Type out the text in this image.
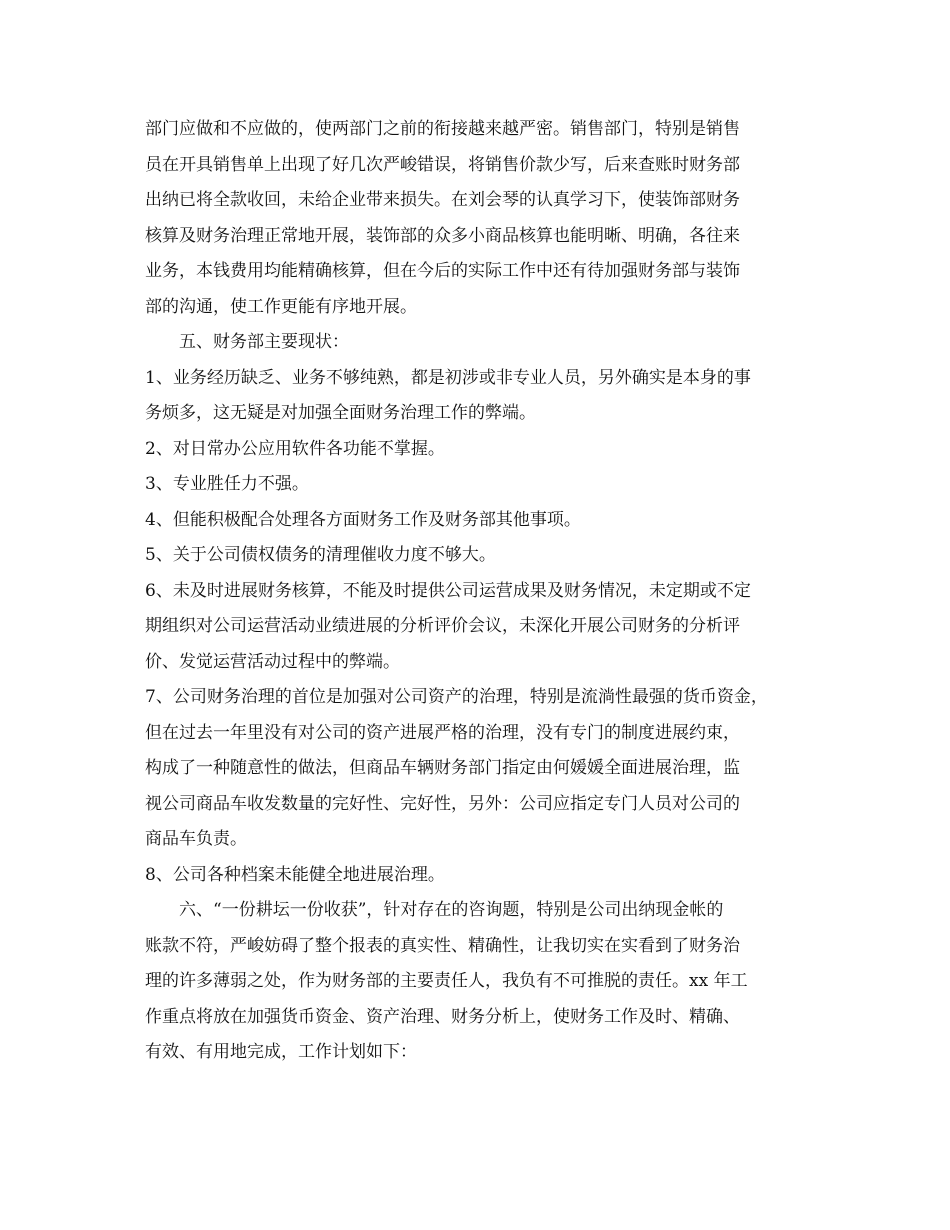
部门应做和不应做的，使两部门之前的衔接越来越严密。销售部门，特别是销售
员在开具销售单上出现了好几次严峻错误，将销售价款少写，后来查账时财务部
出纳已将全款收回，未给企业带来损失。在刘会琴的认真学习下，使装饰部财务
核算及财务治理正常地开展，装饰部的众多小商品核算也能明晰、明确，各往来
业务，本钱费用均能精确核算，但在今后的实际工作中还有待加强财务部与装饰
部的沟通，使工作更能有序地开展。
五、财务部主要现状：
1、业务经历缺乏、业务不够纯熟，都是初涉或非专业人员，另外确实是本身的事
务烦多，这无疑是对加强全面财务治理工作的弊端。
2、对日常办公应用软件各功能不掌握。
3、专业胜任力不强。
4、但能积极配合处理各方面财务工作及财务部其他事项。
5、关于公司债权债务的清理催收力度不够大。
6、未及时进展财务核算，不能及时提供公司运营成果及财务情况，未定期或不定
期组织对公司运营活动业绩进展的分析评价会议，未深化开展公司财务的分析评
价、发觉运营活动过程中的弊端。
7、公司财务治理的首位是加强对公司资产的治理，特别是流淌性最强的货币资金，
但在过去一年里没有对公司的资产进展严格的治理，没有专门的制度进展约束，
构成了一种随意性的做法，但商品车辆财务部门指定由何媛媛全面进展治理，监
视公司商品车收发数量的完好性、完好性，另外：公司应指定专门人员对公司的
商品车负责。
8、公司各种档案未能健全地进展治理。
六、“一份耕坛一份收获”，针对存在的咨询题，特别是公司出纳现金帐的
账款不符，严峻妨碍了整个报表的真实性、精确性，让我切实在实看到了财务治
理的许多薄弱之处，作为财务部的主要责任人，我负有不可推脱的责任。xx 年工
作重点将放在加强货币资金、资产治理、财务分析上，使财务工作及时、精确、
有效、有用地完成，工作计划如下：
